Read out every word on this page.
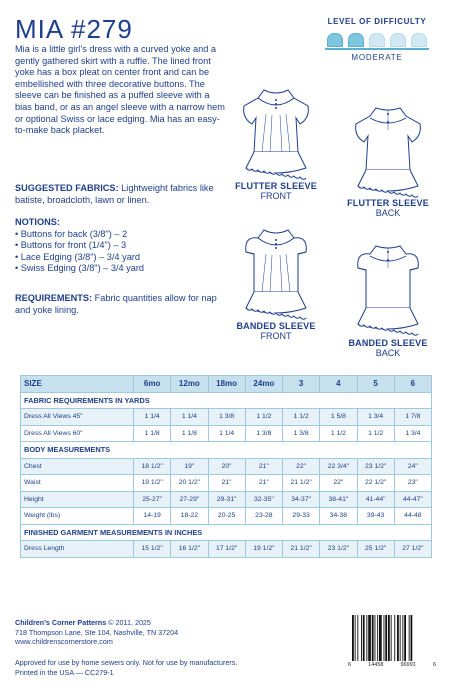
MIA #279
Mia is a little girl’s dress with a curved yoke and a gently gathered skirt with a ruffle. The lined front yoke has a box pleat on center front and can be embellished with three decorative buttons. The sleeve can be finished as a puffed sleeve with a bias band, or as an angel sleeve with a narrow hem or optional Swiss or lace edging. Mia has an easy-to-make back placket.
SUGGESTED FABRICS: Lightweight fabrics like batiste, broadcloth, lawn or linen.
NOTIONS:
• Buttons for back (3/8") – 2
• Buttons for front (1/4") – 3
• Lace Edging (3/8") – 3/4 yard
• Swiss Edging (3/8") – 3/4 yard
REQUIREMENTS: Fabric quantities allow for nap and yoke lining.
LEVEL OF DIFFICULTY
MODERATE
FLUTTER SLEEVE
FRONT
FLUTTER SLEEVE
BACK
BANDED SLEEVE
FRONT
BANDED SLEEVE
BACK
SIZE	6mo	12mo	18mo	24mo	3	4	5	6
FABRIC REQUIREMENTS IN YARDS								
Dress All Views 45"	1 1/4	1 1/4	1 3/8	1 1/2	1 1/2	1 5/8	1 3/4	1 7/8
Dress All Views 60"	1 1/8	1 1/8	1 1/4	1 3/8	1 3/8	1 1/2	1 1/2	1 3/4
BODY MEASUREMENTS								
Chest	18 1/2"	19"	20"	21"	22"	22 3/4"	23 1/2"	24"
Waist	19 1/2"	20 1/2"	21"	21"	21 1/2"	22"	22 1/2"	23"
Height	25-27"	27-29"	29-31"	32-35"	34-37"	38-41"	41-44"	44-47"
Weight (lbs)	14-19	18-22	20-25	23-28	29-33	34-38	39-43	44-48
FINISHED GARMENT MEASUREMENTS IN INCHES								
Dress Length	15 1/2"	16 1/2"	17 1/2"	19 1/2"	21 1/2"	23 1/2"	25 1/2"	27 1/2"
Children’s Corner Patterns © 2011, 2025
718 Thompson Lane, Ste 104, Nashville, TN 37204
www.childrenscornerstore.com
Approved for use by home sewers only. Not for use by manufacturers.
Printed in the USA — CC279-1
6	14458	96991	6
